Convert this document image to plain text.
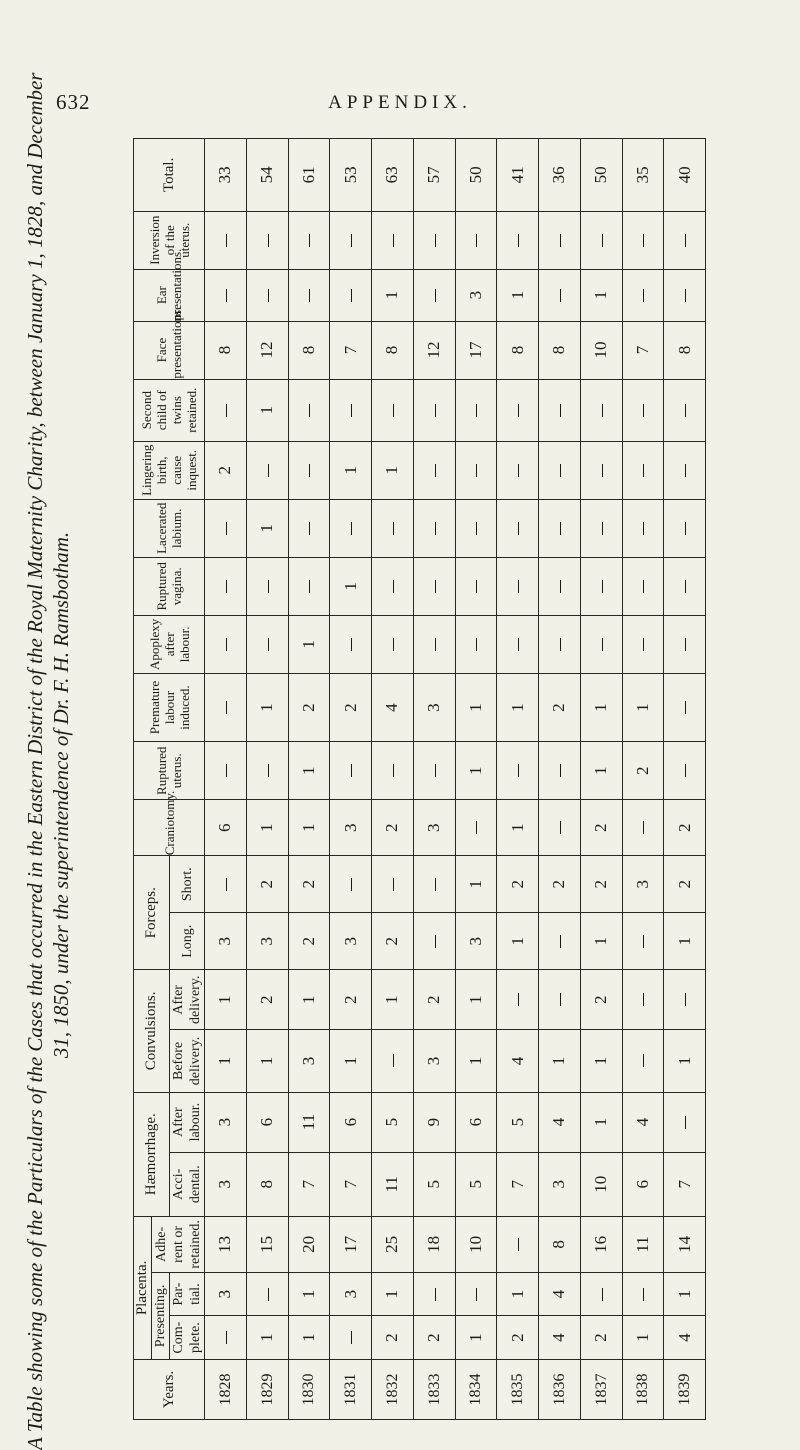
632	APPENDIX.
A Table showing some of the Particulars of the Cases that occurred in the Eastern District of the Royal Maternity Charity, between January 1, 1828, and December 31, 1850, under the superintendence of Dr. F. H. Ramsbotham.
Years.	Placenta.			Hæmorrhage.		Convulsions.		Forceps.		Craniotomy.	Ruptured uterus.	Premature labour induced.	Apoplexy after labour.	Ruptured vagina.	Lacerated labium.	Lingering birth, cause inquest.	Second child of twins retained.	Face presentations.	Ear presentations.	Inversion of the uterus.	Total.
	Presenting.		Adhe-rent or retained.																		
	Com-plete.	Par-tial.		Acci-dental.	After labour.	Before delivery.	After delivery.	Long.	Short.												
1828		3	13	3	3	1	1	3		6						2		8			33
1829	1		15	8	6	1	2	3	2	1		1			1		1	12			54
1830	1	1	20	7	11	3	1	2	2	1	1	2	1					8			61
1831		3	17	7	6	1	2	3		3		2		1		1		7			53
1832	2	1	25	11	5		1	2		2		4				1		8	1		63
1833	2		18	5	9	3	2			3		3						12			57
1834	1		10	5	6	1	1	3	1		1	1						17	3		50
1835	2	1		7	5	4		1	2	1		1						8	1		41
1836	4	4	8	3	4	1			2			2						8			36
1837	2		16	10	1	1	2	1	2	2	1	1						10	1		50
1838	1		11	6	4				3		2	1						7			35
1839	4	1	14	7		1		1	2	2								8			40
